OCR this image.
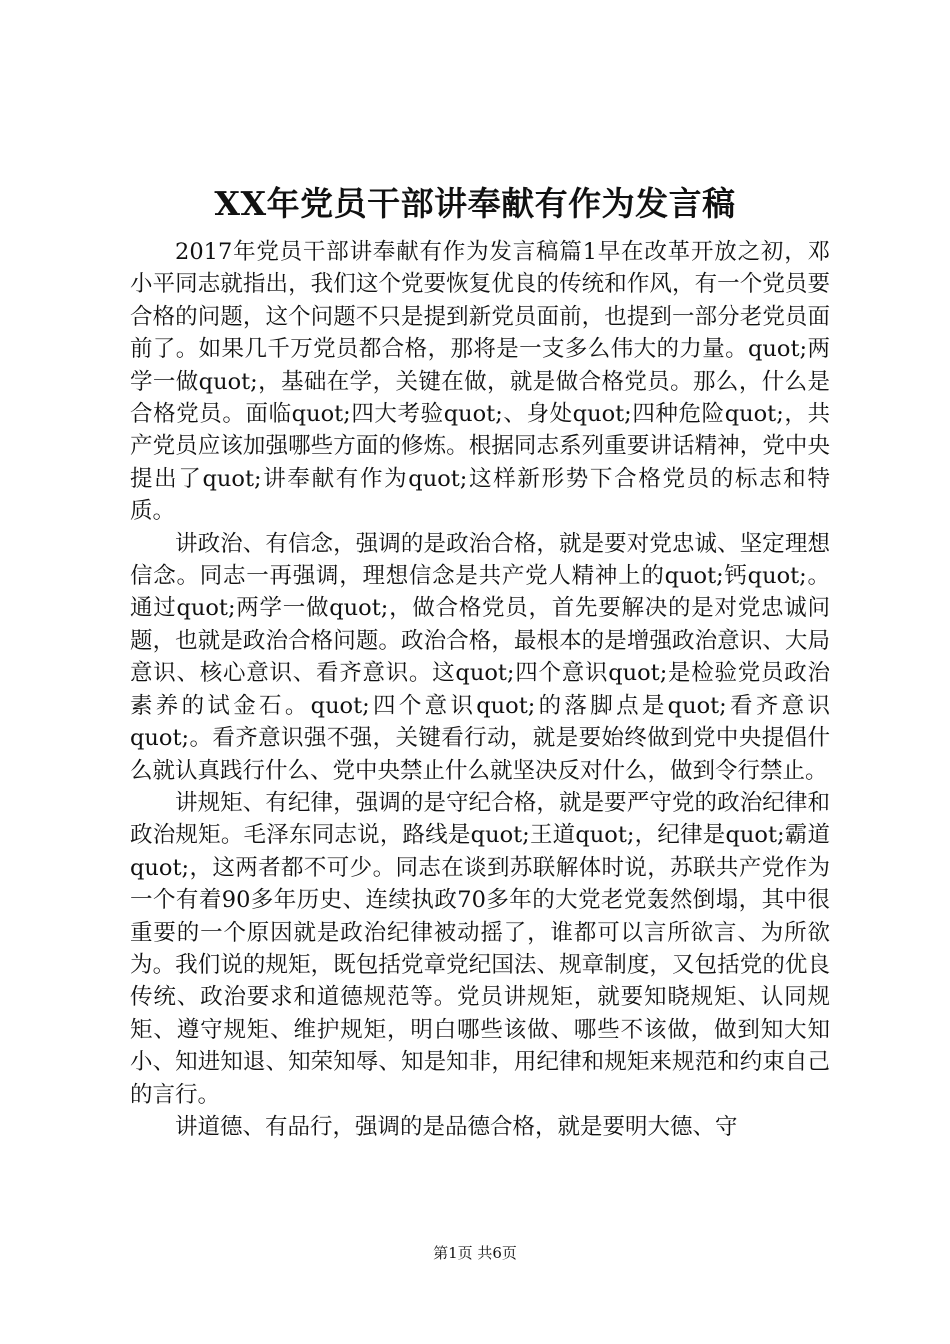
XX年党员干部讲奉献有作为发言稿

2017年党员干部讲奉献有作为发言稿篇1早在改革开放之初，邓小平同志就指出，我们这个党要恢复优良的传统和作风，有一个党员要合格的问题，这个问题不只是提到新党员面前，也提到一部分老党员面前了。如果几千万党员都合格，那将是一支多么伟大的力量。quot;两学一做quot;，基础在学，关键在做，就是做合格党员。那么，什么是合格党员。面临quot;四大考验quot;、身处quot;四种危险quot;，共产党员应该加强哪些方面的修炼。根据同志系列重要讲话精神，党中央提出了quot;讲奉献有作为quot;这样新形势下合格党员的标志和特质。

讲政治、有信念，强调的是政治合格，就是要对党忠诚、坚定理想信念。同志一再强调，理想信念是共产党人精神上的quot;钙quot;。通过quot;两学一做quot;，做合格党员，首先要解决的是对党忠诚问题，也就是政治合格问题。政治合格，最根本的是增强政治意识、大局意识、核心意识、看齐意识。这quot;四个意识quot;是检验党员政治素养的试金石。quot;四个意识quot;的落脚点是quot;看齐意识quot;。看齐意识强不强，关键看行动，就是要始终做到党中央提倡什么就认真践行什么、党中央禁止什么就坚决反对什么，做到令行禁止。

讲规矩、有纪律，强调的是守纪合格，就是要严守党的政治纪律和政治规矩。毛泽东同志说，路线是quot;王道quot;，纪律是quot;霸道quot;，这两者都不可少。同志在谈到苏联解体时说，苏联共产党作为一个有着90多年历史、连续执政70多年的大党老党轰然倒塌，其中很重要的一个原因就是政治纪律被动摇了，谁都可以言所欲言、为所欲为。我们说的规矩，既包括党章党纪国法、规章制度，又包括党的优良传统、政治要求和道德规范等。党员讲规矩，就要知晓规矩、认同规矩、遵守规矩、维护规矩，明白哪些该做、哪些不该做，做到知大知小、知进知退、知荣知辱、知是知非，用纪律和规矩来规范和约束自己的言行。

讲道德、有品行，强调的是品德合格，就是要明大德、守

第1页 共6页
